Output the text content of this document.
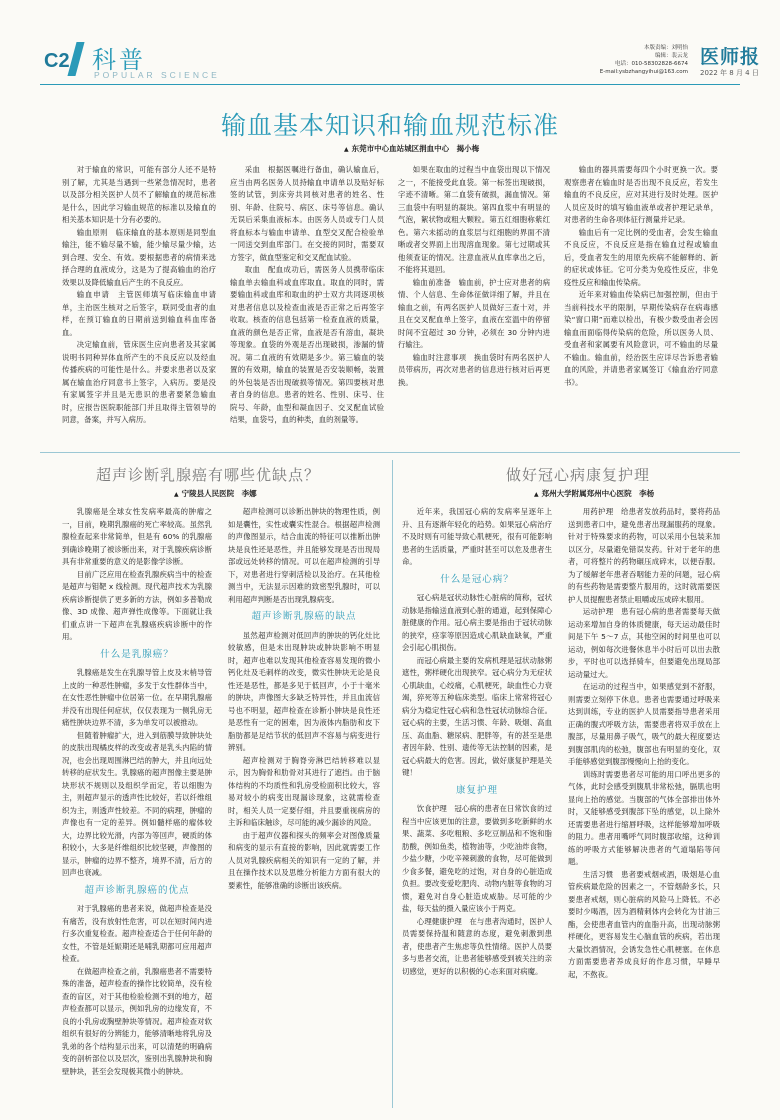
C2 科普
POPULAR SCIENCE
本版责编：刘明怡
编辑：裴云龙
电话：010-58302828-6674
E-mail:ysbzhangyihui@163.com
医师报
2022 年 8 月 4 日
输血基本知识和输血规范标准
▲ 东莞市中心血站城区捐血中心　揭小梅

对于输血的常识，可能有部分人还不是特别了解，尤其是当遇到一些紧急情况时，患者以及部分相关医护人员不了解输血的规范标准是什么，因此学习输血规范的标准以及输血的相关基本知识是十分有必要的。

输血原则　临床输血的基本原则是同型血输注，能不输尽量不输，能少输尽量少输，达到合理、安全、有效。要根据患者的病情来选择合理的血液成分，这是为了提高输血的治疗效果以及降低输血后产生的不良反应。

输血申请　主管医师填写临床输血申请单，主治医生核对之后签字，联同受血者的血样，在预订输血的日期前送到输血科血库备血。

决定输血前，管床医生应向患者及其家属说明书同种异体血所产生的不良反应以及经血传播疾病的可能性是什么。并要求患者以及家属在输血治疗同意书上签字，入病历。要是没有家属签字并且是无患识的患者要紧急输血时，应报告医院职能部门并且取得主管领导的同意，备案，并写入病历。

采血　根据医嘱进行备血，确认输血后，应当由两名医务人员持输血申请单以及贴好标签的试管，到床旁共同核对患者的姓名、性别、年龄、住院号、病区、床号等信息。确认无误后采集血液标本。由医务人员或专门人员将血标本与输血申请单、血型交叉配合检验单一同送交到血库部门。在交接的同时，需要双方签字，做血型鉴定和交叉配血试验。

取血　配血成功后，需医务人员携带临床输血单去输血科或血库取血。取血的同时，需要输血科或血库和取血的护士双方共同逐项核对患者信息以及检查血液是否正常之后再签字收取。核查的信息包括第一检查血液的质量，血液的颜色是否正常，血液是否有溶血，凝块等现象。血袋的外观是否出现破损，渗漏的情况。第二血液的有效期是多少。第三输血的装置的有效期，输血的装置是否安装顺畅，装置的外包装是否出现破损等情况。第四要核对患者自身的信息。患者的姓名、性别、床号、住院号、年龄，血型和凝血因子、交叉配血试验结果，血袋号，血的种类，血的剂量等。

如果在取血的过程当中血袋出现以下情况之一，不能接受此血袋。第一标签出现破损，字迹不清晰。第二血袋有破损，漏血情况。第三血袋中有明显的凝块。第四血浆中有明显的气泡，絮状物或粗大颗粒。第五红细胞称紫红色。第六未摇动的血浆层与红细胞的界面不清晰或者交界面上出现溶血现象。第七过期或其他须查证的情况。注意血液从血库拿出之后，不能将其退回。

输血前准备　输血前，护士应对患者的病情、个人信息、生命体征做详细了解，并且在输血之前，有两名医护人员做好三查十对，并且在交叉配血单上签字，血液在室温中的停留时间不宜超过 30 分钟，必须在 30 分钟内进行输注。

输血时注意事项　换血袋时有两名医护人员带病历，再次对患者的信息进行核对后再更换。

输血的器具需要每四个小时更换一次。要观察患者在输血时是否出现不良反应，若发生输血的不良反应，应对其进行及时处理。医护人员应及时的填写输血液单或者护理记录单，对患者的生命各项体征行测量并记录。

输血后有一定比例的受血者，会发生输血不良反应，不良反应是指在输血过程或输血后，受血者发生的用原先疾病不能解释的、新的症状或体征。它可分类为免疫性反应，非免疫性反应和输血传染病。

近年来对输血传染病已加强控制，但由于当前科技水平的限制，早期传染病存在病毒感染“窗口期”而难以检出，有极少数受血者会因输血而面临得传染病的危险，所以医务人员、受血者和家属要有风险意识，可不输血的尽量不输血。输血前，经治医生应详尽告诉患者输血的风险，并请患者家属签订《输血治疗同意书》。

超声诊断乳腺癌有哪些优缺点？
▲ 宁陵县人民医院　李娜

乳腺癌是全球女性发病率最高的肿瘤之一，目前，晚期乳腺癌的死亡率较高。虽然乳腺检查起来非常简单，但是有 60% 的乳腺癌到确诊晚期了被诊断出来，对于乳腺疾病诊断具有非常重要的意义的是影像学诊断。

目前广泛应用在检查乳腺疾病当中的检查是超声与钼靶 x 线检测。现代超声技术为乳腺疾病诊断提供了更多新的方法，例如多普勒成像、3D 成像、超声弹性成像等。下面就让我们重点讲一下超声在乳腺癌疾病诊断中的作用。

什么是乳腺癌？

乳腺癌是发生在乳腺导管上皮及末梢导管上皮的一种恶性肿瘤，多发于女性群体当中，在女性恶性肿瘤中位居第一位。在早期乳腺癌并没有出现任何症状，仅仅表现为一侧乳房无痛性肿块边界不清，多为单发可以被推动。

但随着肿瘤扩大，进入到筋膜导致肿块处的皮肤出现橘皮样的改变或者是乳头内陷的情况，也会出现周围淋巴结的肿大，并且向远处转移的症状发生。乳腺癌的超声图像主要是肿块形状不规则以及组织学而定，若以细胞为主，则超声显示的透声性比较好，若以纤维组织为主，则透声性较差。不同的病理，肿瘤的声像也有一定的差异。例如髓样癌的瘤体较大，边界比较光滑，内部为等回声，硬质的体积较小，大多是纤维组织比较坚硬，声像图的显示，肿瘤的边界不整齐，境界不清，后方的回声也衰减。

超声诊断乳腺癌的优点

对于乳腺癌的患者来说，做超声检查是没有痛苦，没有放射性危害，可以在短时间内进行多次重复检查。超声检查适合于任何年龄的女性，不管是妊娠期还是哺乳期都可应用超声检查。

在做超声检查之前，乳腺癌患者不需要特殊的准备，超声检查的操作比较简单，没有检查的盲区，对于其他检验检测不到的地方，超声检查都可以显示，例如乳房的边缘发育，不良的小乳房或胸壁肿块等情况。超声检查对软组织有很好的分辨能力，能够清晰地将乳房及乳弟的各个结构显示出来，可以清楚的明确病变的剖析部位以及层次，鉴别出乳腺肿块和胸壁肿块，甚至会发现极其微小的肿块。

超声检测可以诊断出肿块的物理性质，例如是囊性，实性或囊实性混合。根据超声检测的声像图显示，结合血流的特征可以推断出肿块是良性还是恶性，并且能够发现是否出现局部或远处转移的情况。可以在超声检测的引导下，对患者进行穿刺活检以及治疗。在其他检测当中，无法显示因难的致密型乳腺时，可以利用超声判断是否出现乳腺病变。

超声诊断乳腺癌的缺点

虽然超声检测对低回声的肿块的钙化灶比较敏感，但是未出现肿块或肿块影响不明显时，超声也难以发现其他检查容易发现的微小钙化灶及毛刺样的改变，微实性肿块无论是良性还是恶性，都是多见于低回声，小于十毫米的肿块，声像图大多缺乏特异性，并且血流信号也不明显，超声检查在诊断小肿块是良性还是恶性有一定的困难，因为液体内脂肪和皮下脂肪都是足结节状的低回声不容易与病变进行辨别。

超声检测对于胸脊旁淋巴结转移难以显示，因为胸骨和肋骨对其进行了遮挡。由于脑体结构的不均质性和乳房受检面积比较大，容易对较小的病变出现漏诊现象，这就需检查时，相关人员一定要仔细，并且要重视病房的主诉和临床触诊，尽可能的减少漏诊的风险。

由于超声仪器和探头的频率会对图像质量和病变的显示有直接的影响，因此就需要工作人员对乳腺疾病相关的知识有一定的了解，并且在操作技术以及思维分析能力方面有很大的要素性，能够准确的诊断出该疾病。

做好冠心病康复护理
▲ 郑州大学附属郑州中心医院　李杨

近年来，我国冠心病的发病率呈逐年上升、且有逐渐年轻化的趋势。如果冠心病治疗不及时则有可能导致心肌梗死，很有可能影响患者的生活质量，严重时甚至可以危及患者生命。

什么是冠心病？

冠心病是冠状动脉性心脏病的简称，冠状动脉是指输送血液到心脏的通道，起到保障心脏健康的作用。冠心病主要是指由于冠状动脉的狭窄，痉挛等原因造成心肌缺血缺氧，严重会引起心肌损伤。

而冠心病最主要的发病机理是冠状动脉粥遮性，粥样硬化出现狭窄。冠心病分为无症状心肌缺血，心绞痛，心肌梗死，缺血性心力衰竭，猝死等五种临床类型。临床上常常将冠心病分为稳定性冠心病和急性冠状动脉综合征。冠心病的主要，生活习惯、年龄、吸烟、高血压、高血脂、糖尿病、肥胖等，有的甚至是患者因年龄、性别、遗传等无法控制的因素，是冠心病最大的危害。因此，做好康复护理是关键！

康复护理

饮食护理　冠心病的患者在日常饮食的过程当中应该更加的注意，要做到多吃新鲜的水果、蔬菜、多吃粗粮、多吃豆制品和不饱和脂肪酸，例如鱼类，植物油等，少吃油炸食物，少盐少糖，少吃辛辣刺激的食物，尽可能做到少食多餐，避免吃的过饱，对自身的心脏造成负担。要改变爱吃肥肉、动物内脏等食物的习惯，避免对自身心脏造成威胁。尽可能的少盐，每天盐的摄入量应该小于两克。

心理健康护理　在与患者沟通时，医护人员需要保持温和随意的态度，避免刺激到患者，使患者产生焦虑等负性情绪。医护人员要多与患者交流，让患者能够感受到被关注的亲切感觉，更好的以积极的心态来面对病魔。

用药护理　给患者发放药品时，要将药品送到患者口中，避免患者出现漏服药的现象。针对于特殊要求的药物，可以采用小包装来加以区分，尽量避免错误发药。针对于老年的患者，可将整片的药物碾压成碎末，以便吞服。为了缓解老年患者吞咽能力差的问题，冠心病的有些药物是需要整片服用的，这时就需要医护人员提醒患者禁止咀嚼或压成碎末服用。

运动护理　患有冠心病的患者需要每天做运动来增加自身的体质健康，每天运动最佳时间是下午 5～7 点，其他空闲的时间里也可以运动，例如每次进餐休息半小时后可以出去散步，平时也可以选择骑车，但要避免出现局部运动量过大。

在运动的过程当中，如果感觉到不舒服，则需要立刻停下休息。患者也需要通过呼吸来达到训练，专业的医护人员需要指导患者采用正确的腹式呼吸方法，需要患者将双手放在上腹部，尽量用鼻子吸气，吸气的最大程度要达到腹部肌肉的松弛，腹部也有明显的变化，双手能够感觉到腹部慢慢向上抬的变化。

训练时需要患者尽可能的用口呼出更多的气体，此时会感受到腹肌非常松弛，膈肌也明显向上抬的感觉。当腹部的气体全部排出体外时，又能够感受到腹部下坠的感觉，以上除外还需要患者进行缩唇呼吸，这样能够增加呼吸的阻力。患者用嘴呼气同时腹部收缩，这种训练的呼吸方式能够解决患者的气道塌陷等问题。

生活习惯　患者要戒烟戒酒，吸烟是心血管疾病最危险的因素之一，不管烟龄多长，只要患者戒烟，则心脏病的风险马上降低。不必要时少喝酒，因为酒精刺体内会转化为甘油三酯，会使患者血管内的血脂升高，出现动脉粥样硬化，更容易发生心脑血管的疾病，若出现大量饮酒情况，会诱发急性心肌梗塞。在休息方面需要患者养成良好的作息习惯，早睡早起，不熬夜。
